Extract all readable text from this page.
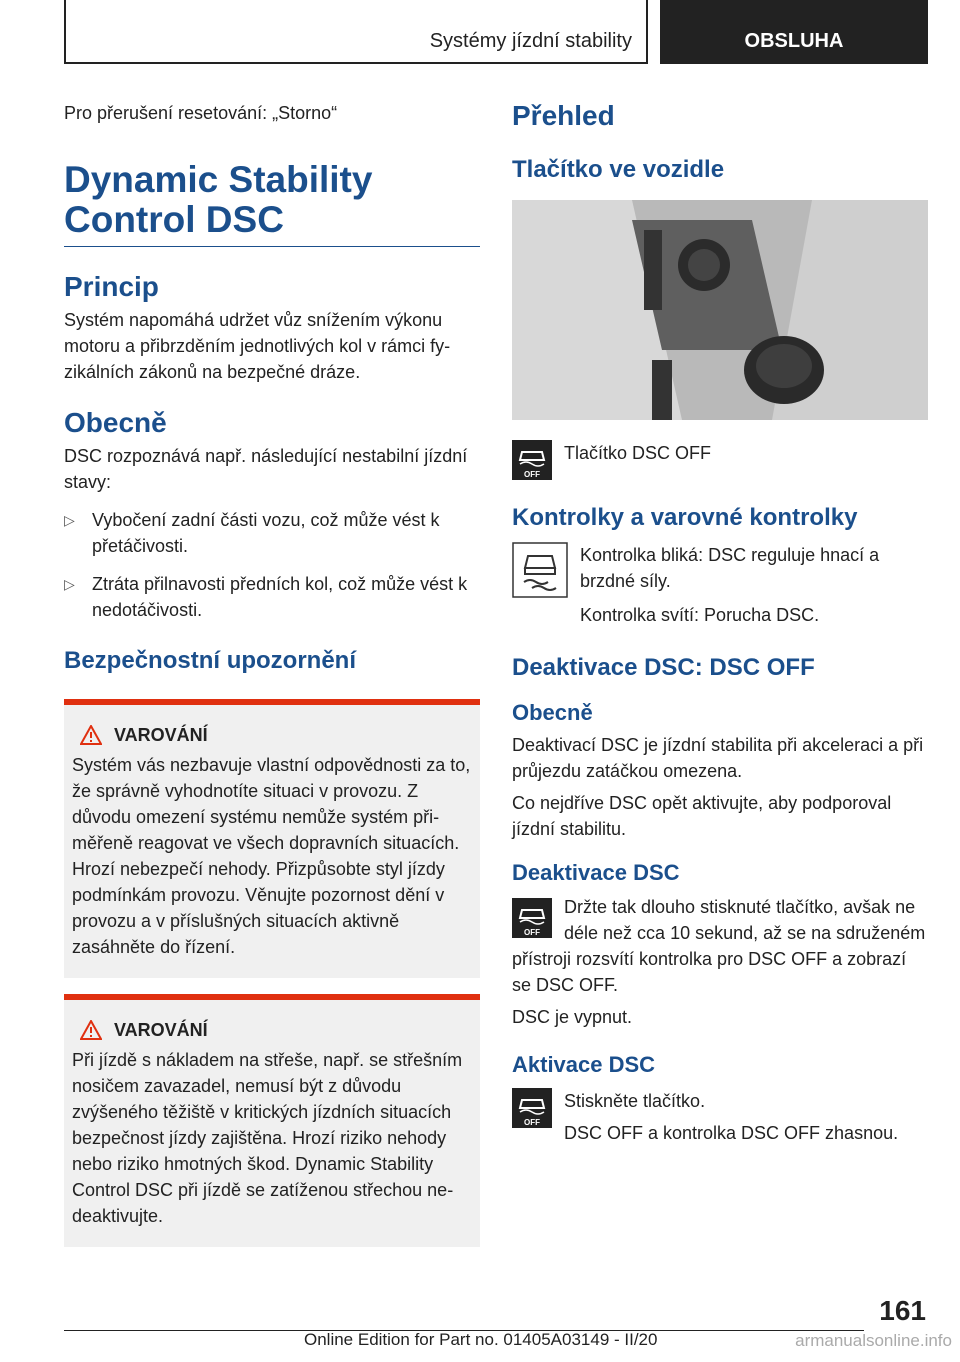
Systémy jízdní stability	OBSLUHA

Pro přerušení resetování: „Storno“

Dynamic Stability Control DSC
Princip

Systém napomáhá udržet vůz snížením výkonu motoru a přibrzděním jednotlivých kol v rámci fyzikálních zákonů na bezpečné dráze.

Obecně

DSC rozpoznává např. následující nestabilní jízdní stavy:

▷ Vybočení zadní části vozu, což může vést k přetáčivosti.

▷ Ztráta přilnavosti předních kol, což může vést k nedotáčivosti.

Bezpečnostní upozornění
VAROVÁNÍ

Systém vás nezbavuje vlastní odpovědnosti za to, že správně vyhodnotíte situaci v provozu. Z důvodu omezení systému nemůže systém přiměřeně reagovat ve všech dopravních situacích. Hrozí nebezpečí nehody. Přizpůsobte styl jízdy podmínkám provozu. Věnujte pozornost dění v provozu a v příslušných situacích aktivně zasáhněte do řízení.

VAROVÁNÍ

Při jízdě s nákladem na střeše, např. se střešním nosičem zavazadel, nemusí být z důvodu zvýšeného těžiště v kritických jízdních situacích bezpečnost jízdy zajištěna. Hrozí riziko nehody nebo riziko hmotných škod. Dynamic Stability Control DSC při jízdě se zatíženou střechou nedeaktivujte.

Přehled
Tlačítko ve vozidle
OFF

Tlačítko DSC OFF

Kontrolky a varovné kontrolky

Kontrolka bliká: DSC reguluje hnací a brzdné síly.

Kontrolka svítí: Porucha DSC.

Deaktivace DSC: DSC OFF
Obecně

Deaktivací DSC je jízdní stabilita při akceleraci a při průjezdu zatáčkou omezena.

Co nejdříve DSC opět aktivujte, aby podporoval jízdní stabilitu.

Deaktivace DSC
OFF

Držte tak dlouho stisknuté tlačítko, avšak ne déle než cca 10 sekund, až se na sdruženém přístroji rozsvítí kontrolka pro DSC OFF a zobrazí se DSC OFF.

DSC je vypnut.

Aktivace DSC
OFF

Stiskněte tlačítko.

DSC OFF a kontrolka DSC OFF zhasnou.

161
Online Edition for Part no. 01405A03149 - II/20	armanualsonline.info
